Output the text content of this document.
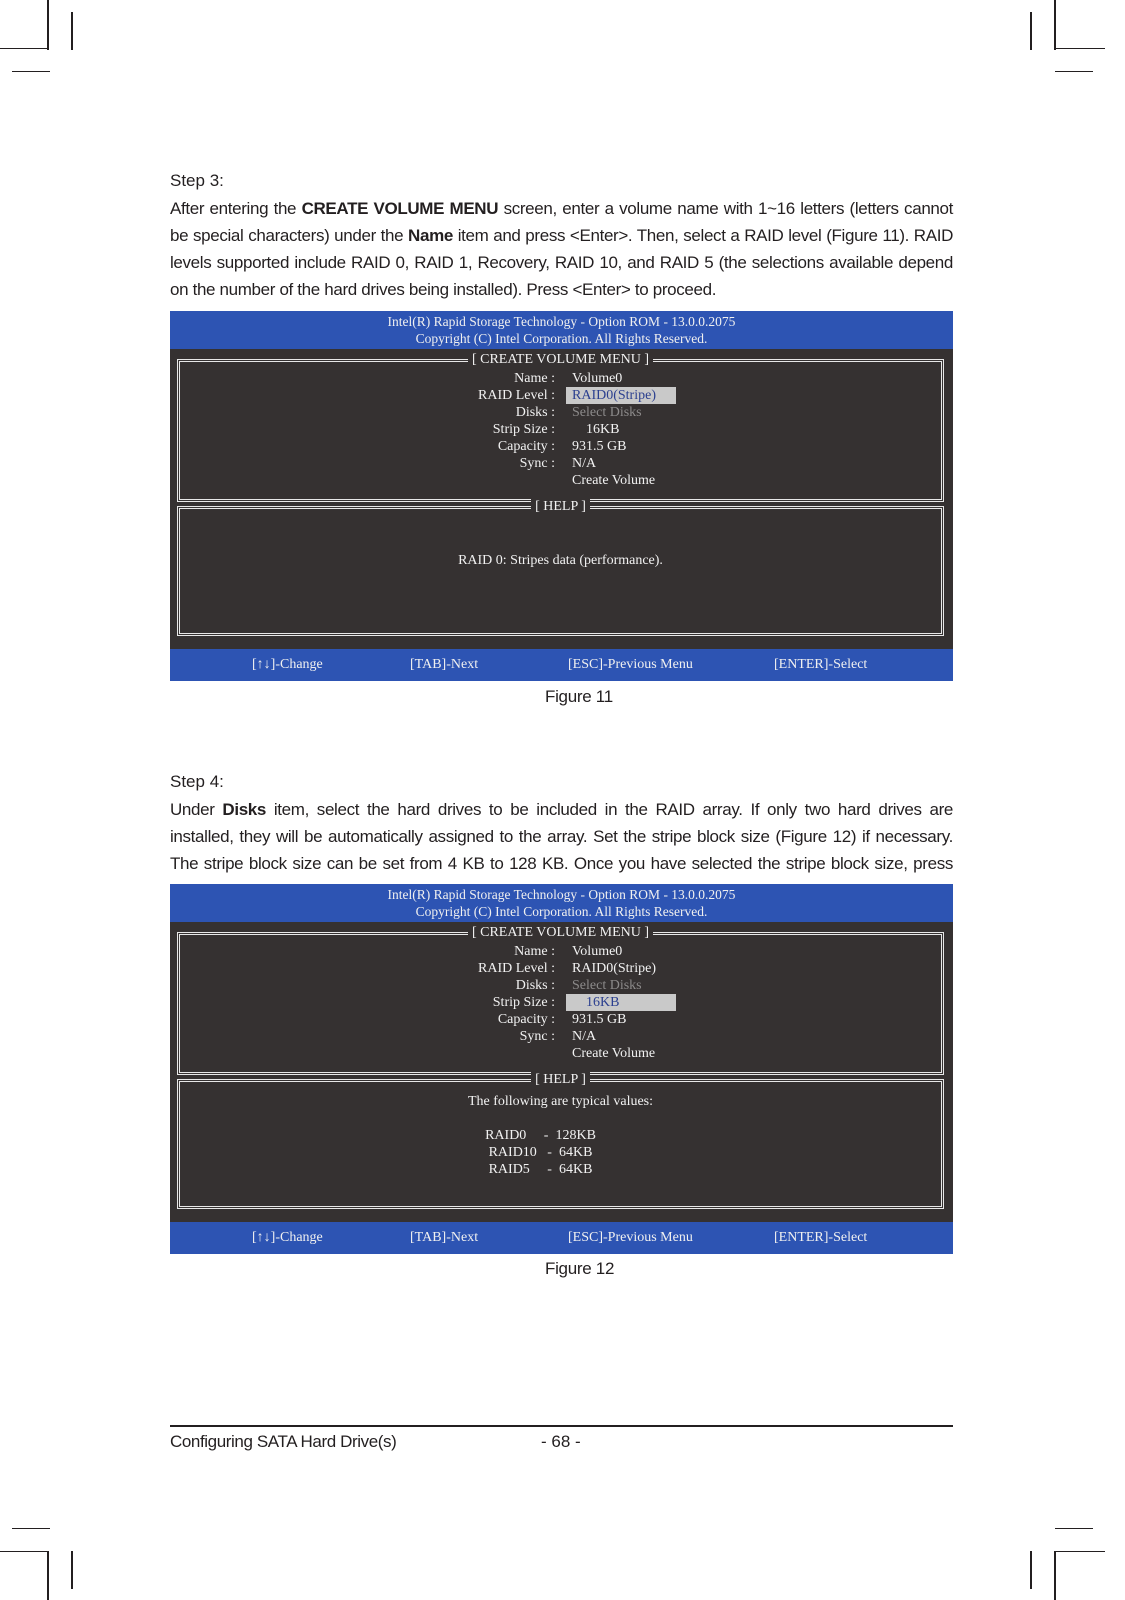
Step 3:
After entering the CREATE VOLUME MENU screen, enter a volume name with 1~16 letters (letters cannot be special characters) under the Name item and press <Enter>. Then, select a RAID level (Figure 11). RAID levels supported include RAID 0, RAID 1, Recovery, RAID 10, and RAID 5 (the selections available depend on the number of the hard drives being installed). Press <Enter> to proceed.
Intel(R) Rapid Storage Technology - Option ROM - 13.0.0.2075
Copyright (C) Intel Corporation. All Rights Reserved.
[ CREATE VOLUME MENU ]
Name : Volume0
RAID Level :	RAID0(Stripe)
Disks : Select Disks
Strip Size : 16KB
Capacity : 931.5 GB
Sync : N/A
Create Volume
[ HELP ]
RAID 0: Stripes data (performance).
[↑↓]-Change	[TAB]-Next	[ESC]-Previous Menu	[ENTER]-Select
Figure 11
Step 4:
Under Disks item, select the hard drives to be included in the RAID array. If only two hard drives are installed, they will be automatically assigned to the array. Set the stripe block size (Figure 12) if necessary. The stripe block size can be set from 4 KB to 128 KB. Once you have selected the stripe block size, press
Intel(R) Rapid Storage Technology - Option ROM - 13.0.0.2075
Copyright (C) Intel Corporation. All Rights Reserved.
[ CREATE VOLUME MENU ]
Name : Volume0
RAID Level : RAID0(Stripe)
Disks : Select Disks
Strip Size :	16KB
Capacity : 931.5 GB
Sync : N/A
Create Volume
[ HELP ]
The following are typical values:
RAID0     -  128KB
RAID10   -  64KB
RAID5     -  64KB
[↑↓]-Change	[TAB]-Next	[ESC]-Previous Menu	[ENTER]-Select
Figure 12
Configuring SATA Hard Drive(s)	- 68 -
